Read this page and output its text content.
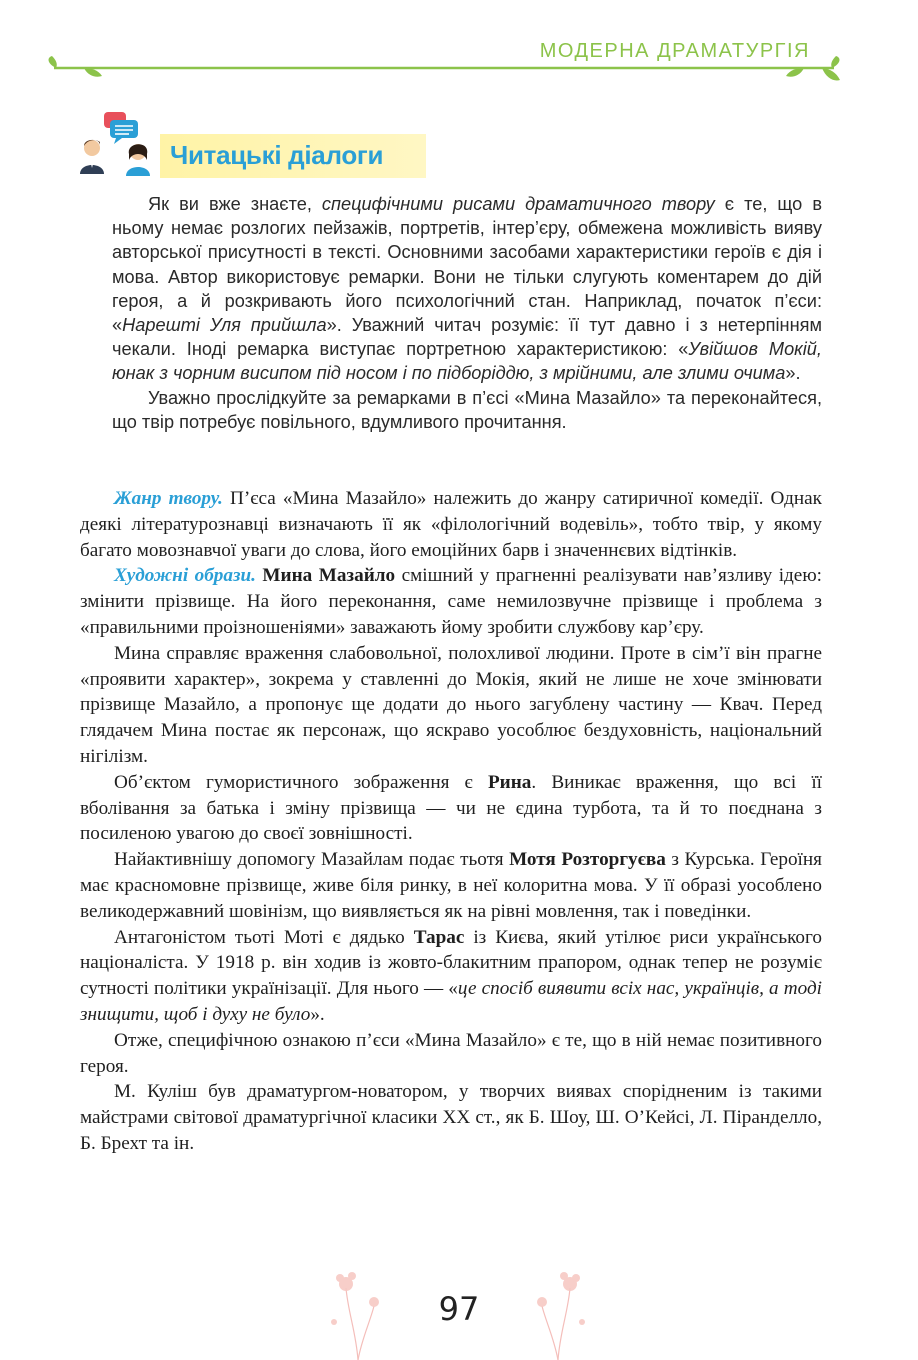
МОДЕРНА ДРАМАТУРГІЯ
Читацькі діалоги

Як ви вже знаєте, специфічними рисами драматичного твору є те, що в ньому немає розлогих пейзажів, портретів, інтер’єру, обмежена можливість вияву авторської присутності в тексті. Основними засобами характеристики героїв є дія і мова. Автор використовує ремарки. Вони не тільки слугують коментарем до дій героя, а й розкривають його психологічний стан. Наприклад, початок п’єси: «Нарешті Уля прийшла». Уважний читач розуміє: її тут давно і з нетерпінням чекали. Іноді ремарка виступає портретною характеристикою: «Увійшов Мокій, юнак з чорним висипом під носом і по підборіддю, з мрійними, але злими очима».

Уважно прослідкуйте за ремарками в п’єсі «Мина Мазайло» та переконайтеся, що твір потребує повільного, вдумливого прочитання.

Жанр твору. П’єса «Мина Мазайло» належить до жанру сатиричної комедії. Однак деякі літературознавці визначають її як «філологічний водевіль», тобто твір, у якому багато мовознавчої уваги до слова, його емоційних барв і значеннєвих відтінків.

Художні образи. Мина Мазайло смішний у прагненні реалізувати нав’язливу ідею: змінити прізвище. На його переконання, саме немилозвучне прізвище і проблема з «правильними проізношеніями» заважають йому зробити службову кар’єру.

Мина справляє враження слабовольної, полохливої людини. Проте в сім’ї він прагне «проявити характер», зокрема у ставленні до Мокія, який не лише не хоче змінювати прізвище Мазайло, а пропонує ще додати до нього загублену частину — Квач. Перед глядачем Мина постає як персонаж, що яскраво уособлює бездуховність, національний нігілізм.

Об’єктом гумористичного зображення є Рина. Виникає враження, що всі її вболівання за батька і зміну прізвища — чи не єдина турбота, та й то поєднана з посиленою увагою до своєї зовнішності.

Найактивнішу допомогу Мазайлам подає тьотя Мотя Розторгуєва з Курська. Героїня має красномовне прізвище, живе біля ринку, в неї колоритна мова. У її образі уособлено великодержавний шовінізм, що виявляється як на рівні мовлення, так і поведінки.

Антагоністом тьоті Моті є дядько Тарас із Києва, який утілює риси українського націоналіста. У 1918 р. він ходив із жовто-блакитним прапором, однак тепер не розуміє сутності політики українізації. Для нього — «це спосіб виявити всіх нас, українців, а тоді знищити, щоб і духу не було».

Отже, специфічною ознакою п’єси «Мина Мазайло» є те, що в ній немає позитивного героя.

М. Куліш був драматургом-новатором, у творчих виявах спорідненим із такими майстрами світової драматургічної класики XX ст., як Б. Шоу, Ш. О’Кейсі, Л. Піранделло, Б. Брехт та ін.

97
